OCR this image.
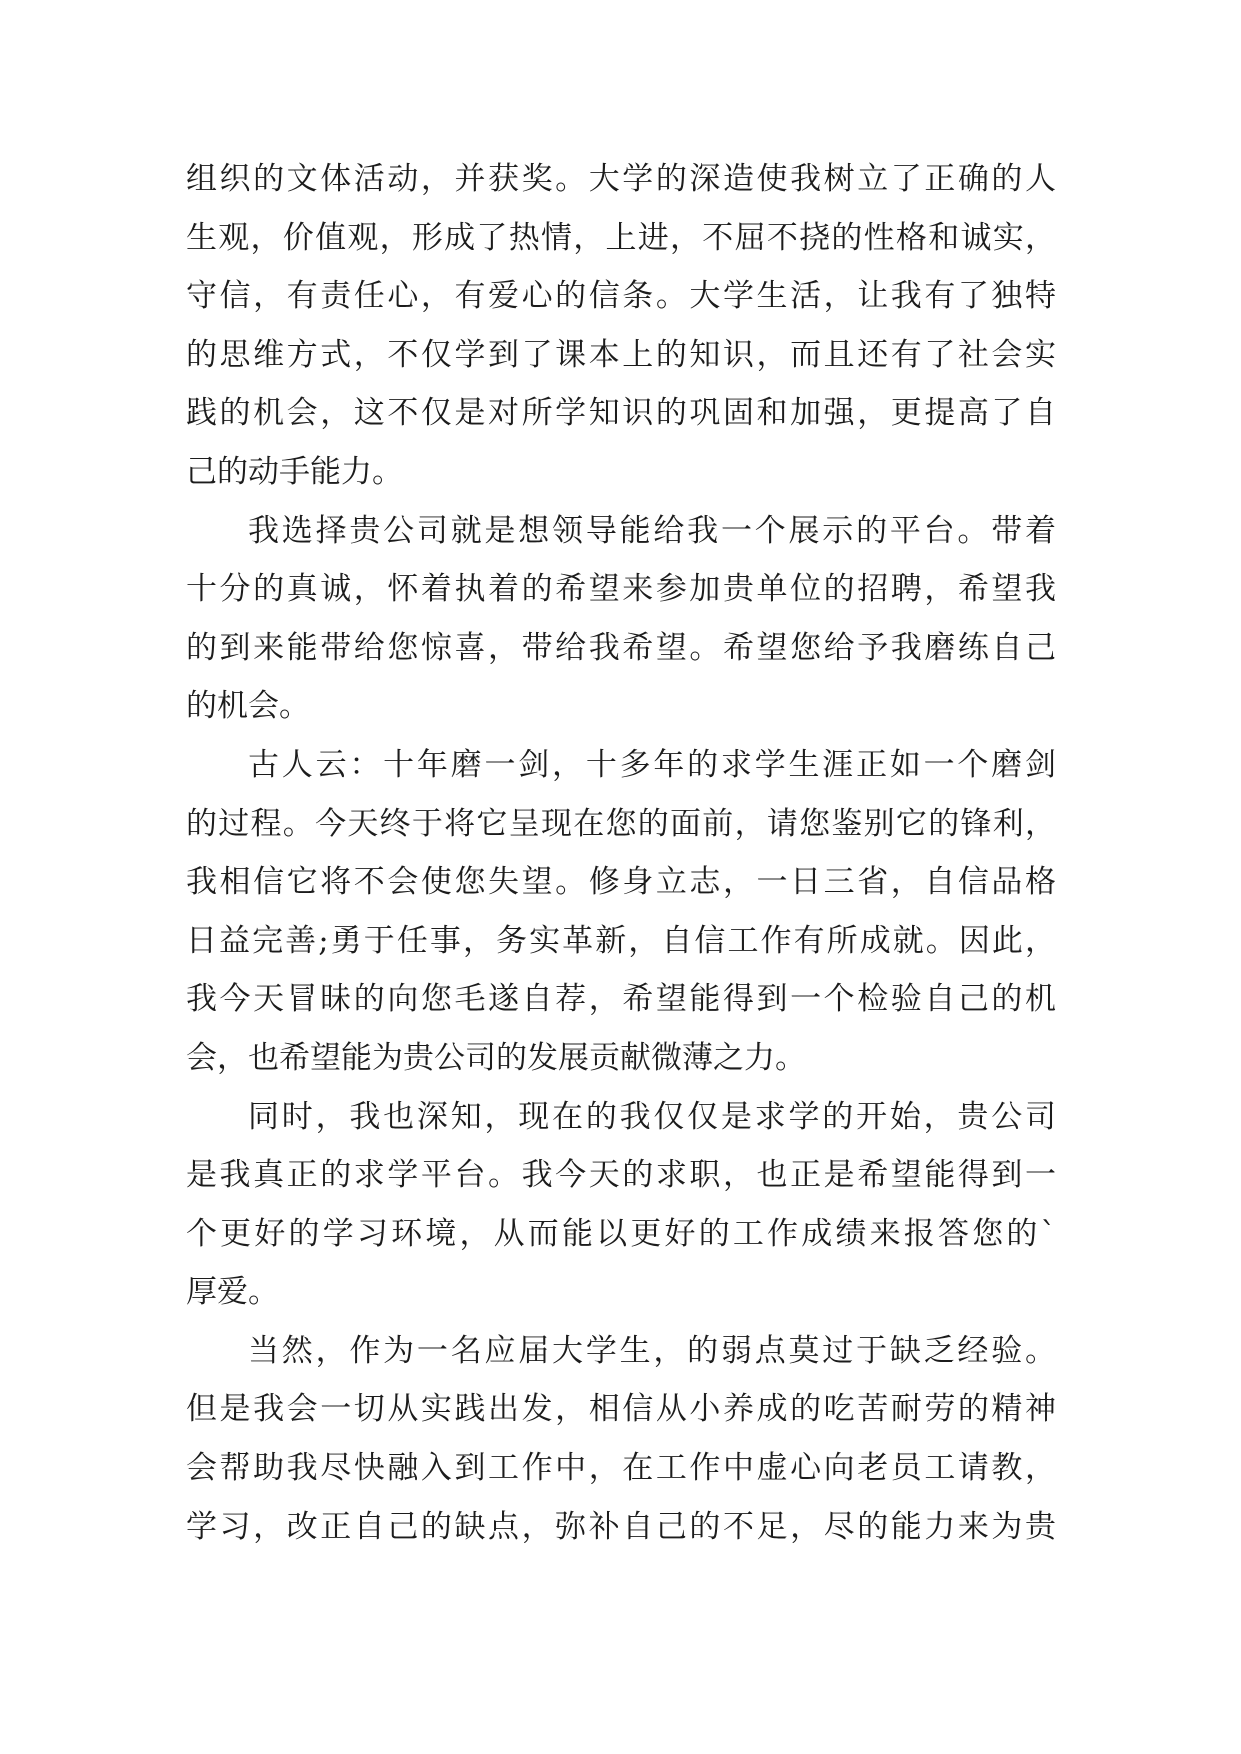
组织的文体活动，并获奖。大学的深造使我树立了正确的人
生观，价值观，形成了热情，上进，不屈不挠的性格和诚实，
守信，有责任心，有爱心的信条。大学生活，让我有了独特
的思维方式，不仅学到了课本上的知识，而且还有了社会实
践的机会，这不仅是对所学知识的巩固和加强，更提高了自
己的动手能力。
我选择贵公司就是想领导能给我一个展示的平台。带着
十分的真诚，怀着执着的希望来参加贵单位的招聘，希望我
的到来能带给您惊喜，带给我希望。希望您给予我磨练自己
的机会。
古人云：十年磨一剑，十多年的求学生涯正如一个磨剑
的过程。今天终于将它呈现在您的面前，请您鉴别它的锋利，
我相信它将不会使您失望。修身立志，一日三省，自信品格
日益完善;勇于任事，务实革新，自信工作有所成就。因此，
我今天冒昧的向您毛遂自荐，希望能得到一个检验自己的机
会，也希望能为贵公司的发展贡献微薄之力。
同时，我也深知，现在的我仅仅是求学的开始，贵公司
是我真正的求学平台。我今天的求职，也正是希望能得到一
个更好的学习环境，从而能以更好的工作成绩来报答您的`
厚爱。
当然，作为一名应届大学生，的弱点莫过于缺乏经验。
但是我会一切从实践出发，相信从小养成的吃苦耐劳的精神
会帮助我尽快融入到工作中，在工作中虚心向老员工请教，
学习，改正自己的缺点，弥补自己的不足，尽的能力来为贵
